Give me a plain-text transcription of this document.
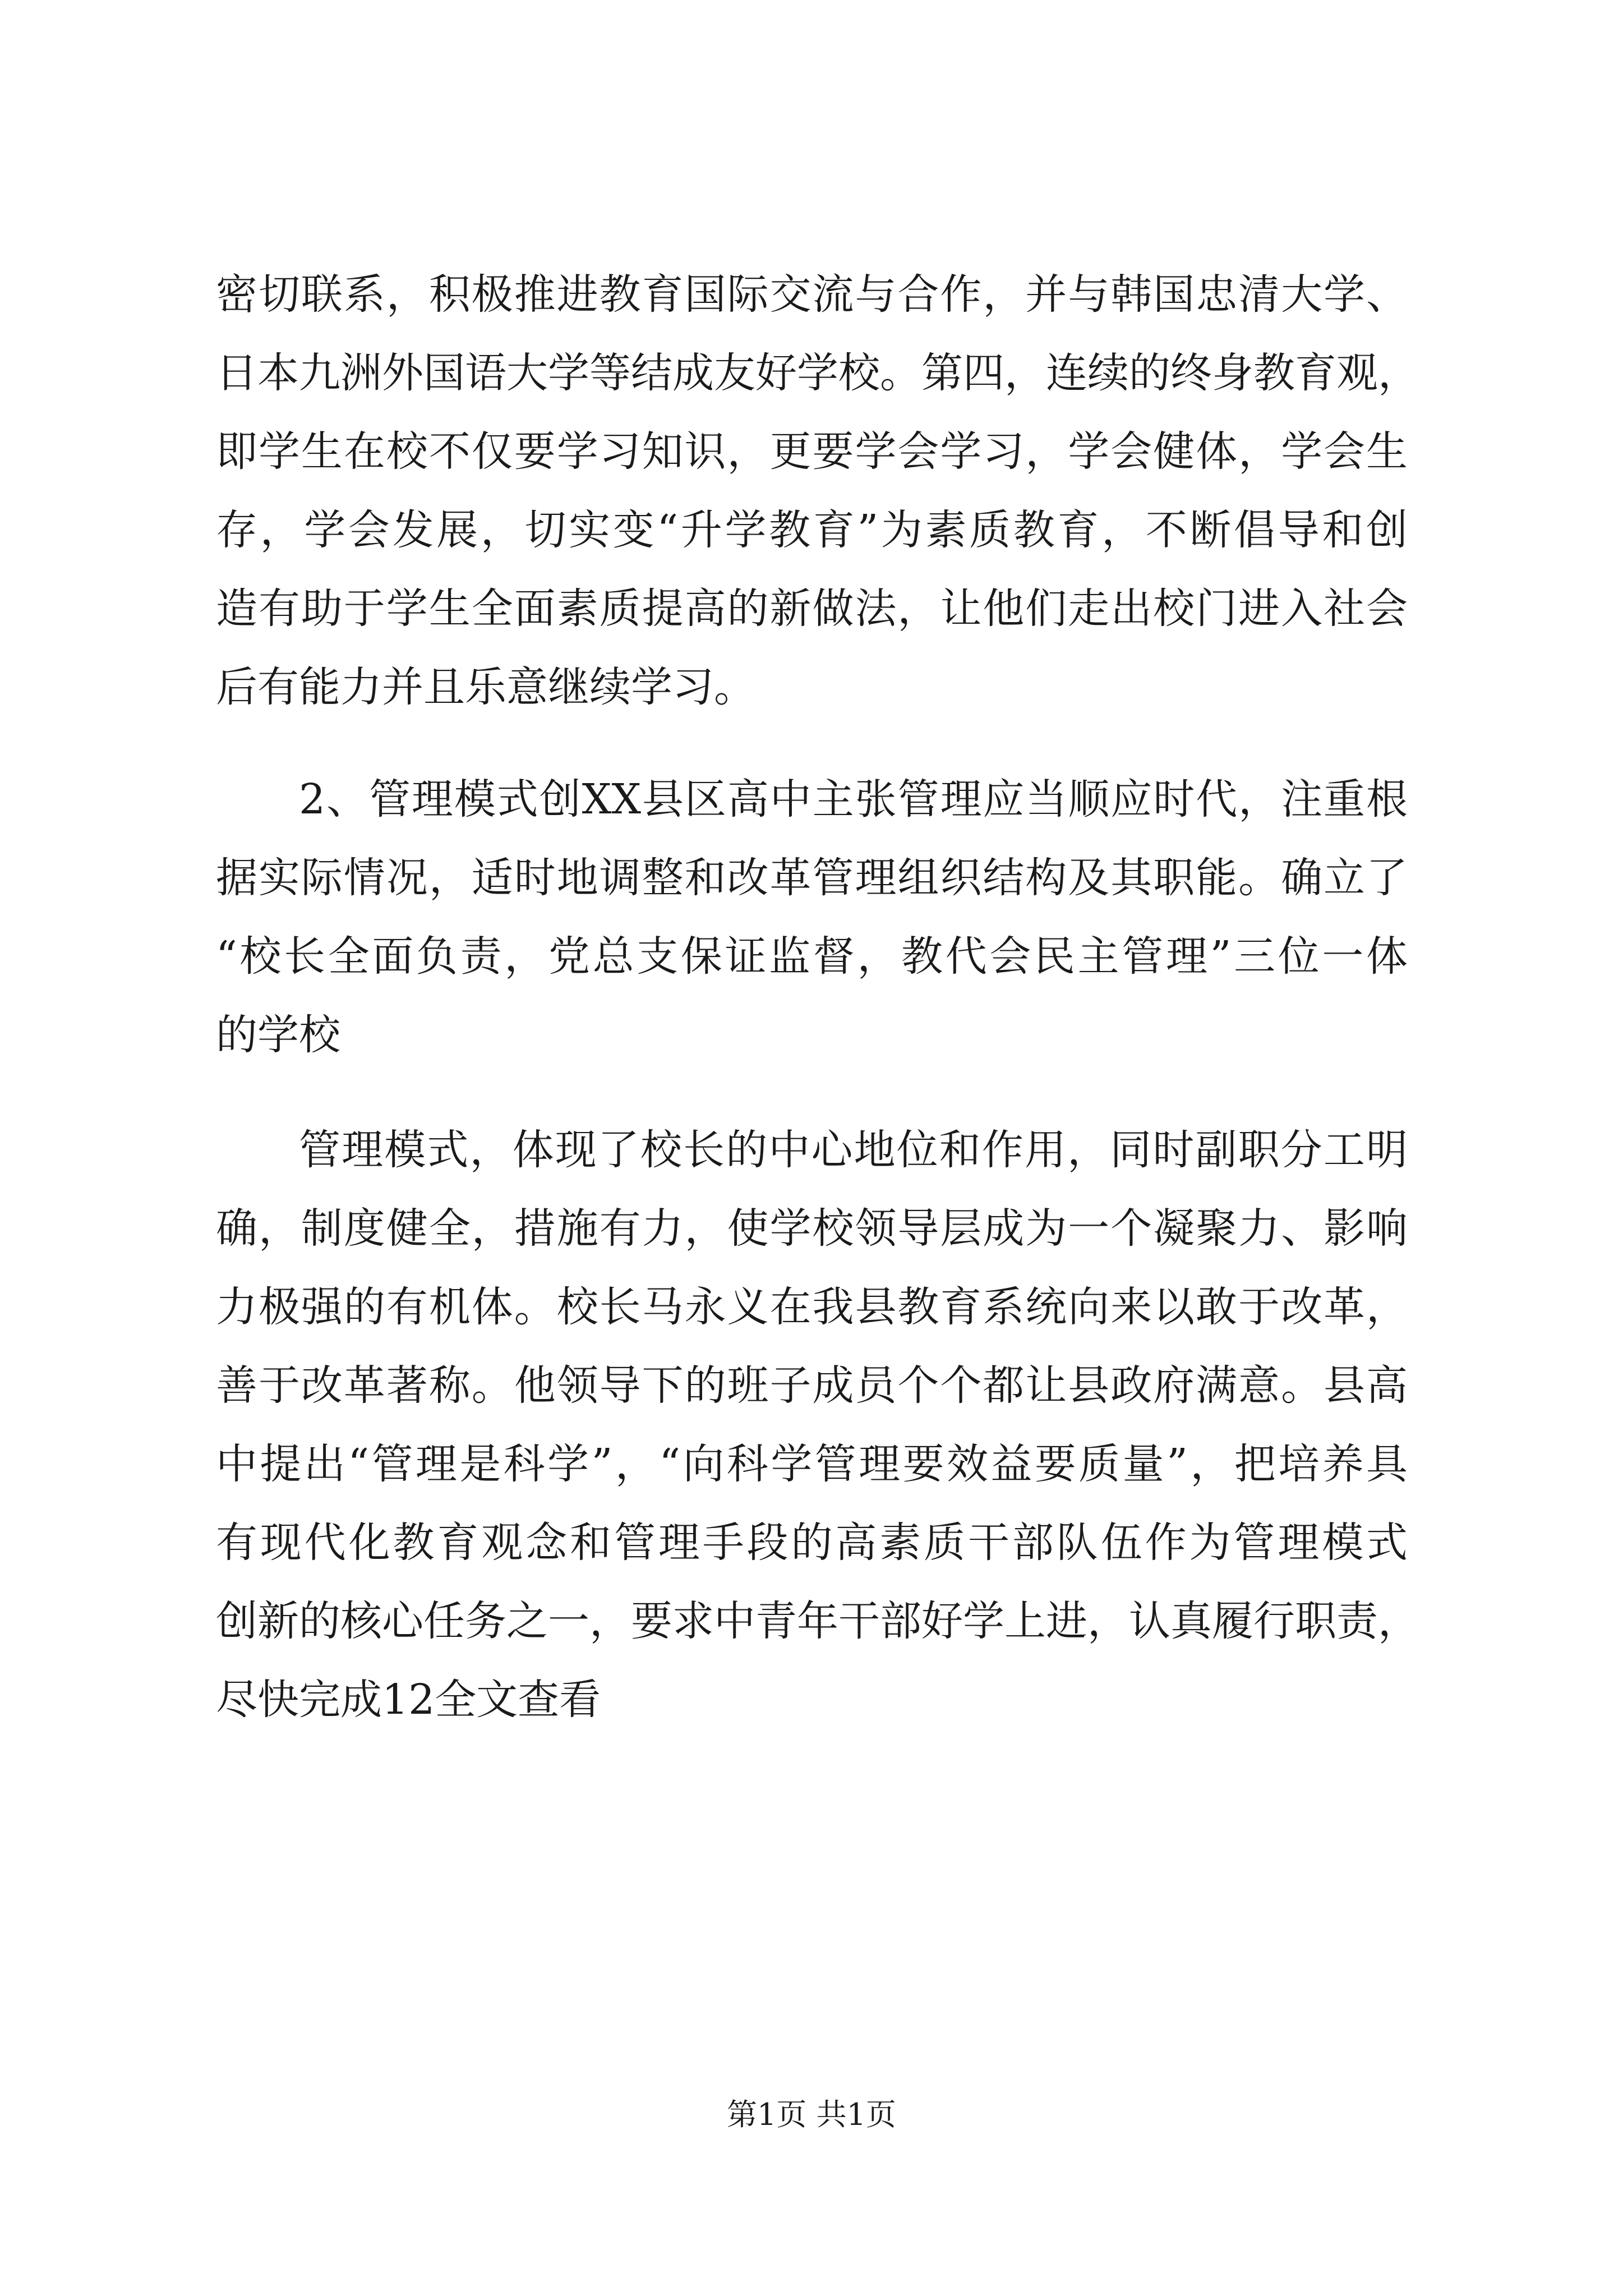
密切联系，积极推进教育国际交流与合作，并与韩国忠清大学、
日本九洲外国语大学等结成友好学校。第四，连续的终身教育观，
即学生在校不仅要学习知识，更要学会学习，学会健体，学会生
存，学会发展，切实变“升学教育”为素质教育，不断倡导和创
造有助于学生全面素质提高的新做法，让他们走出校门进入社会
后有能力并且乐意继续学习。
2、管理模式创XX县区高中主张管理应当顺应时代，注重根
据实际情况，适时地调整和改革管理组织结构及其职能。确立了
“校长全面负责，党总支保证监督，教代会民主管理”三位一体
的学校
管理模式，体现了校长的中心地位和作用，同时副职分工明
确，制度健全，措施有力，使学校领导层成为一个凝聚力、影响
力极强的有机体。校长马永义在我县教育系统向来以敢于改革，
善于改革著称。他领导下的班子成员个个都让县政府满意。县高
中提出“管理是科学”，“向科学管理要效益要质量”，把培养具
有现代化教育观念和管理手段的高素质干部队伍作为管理模式
创新的核心任务之一，要求中青年干部好学上进，认真履行职责，
尽快完成12全文查看
第1页 共1页
